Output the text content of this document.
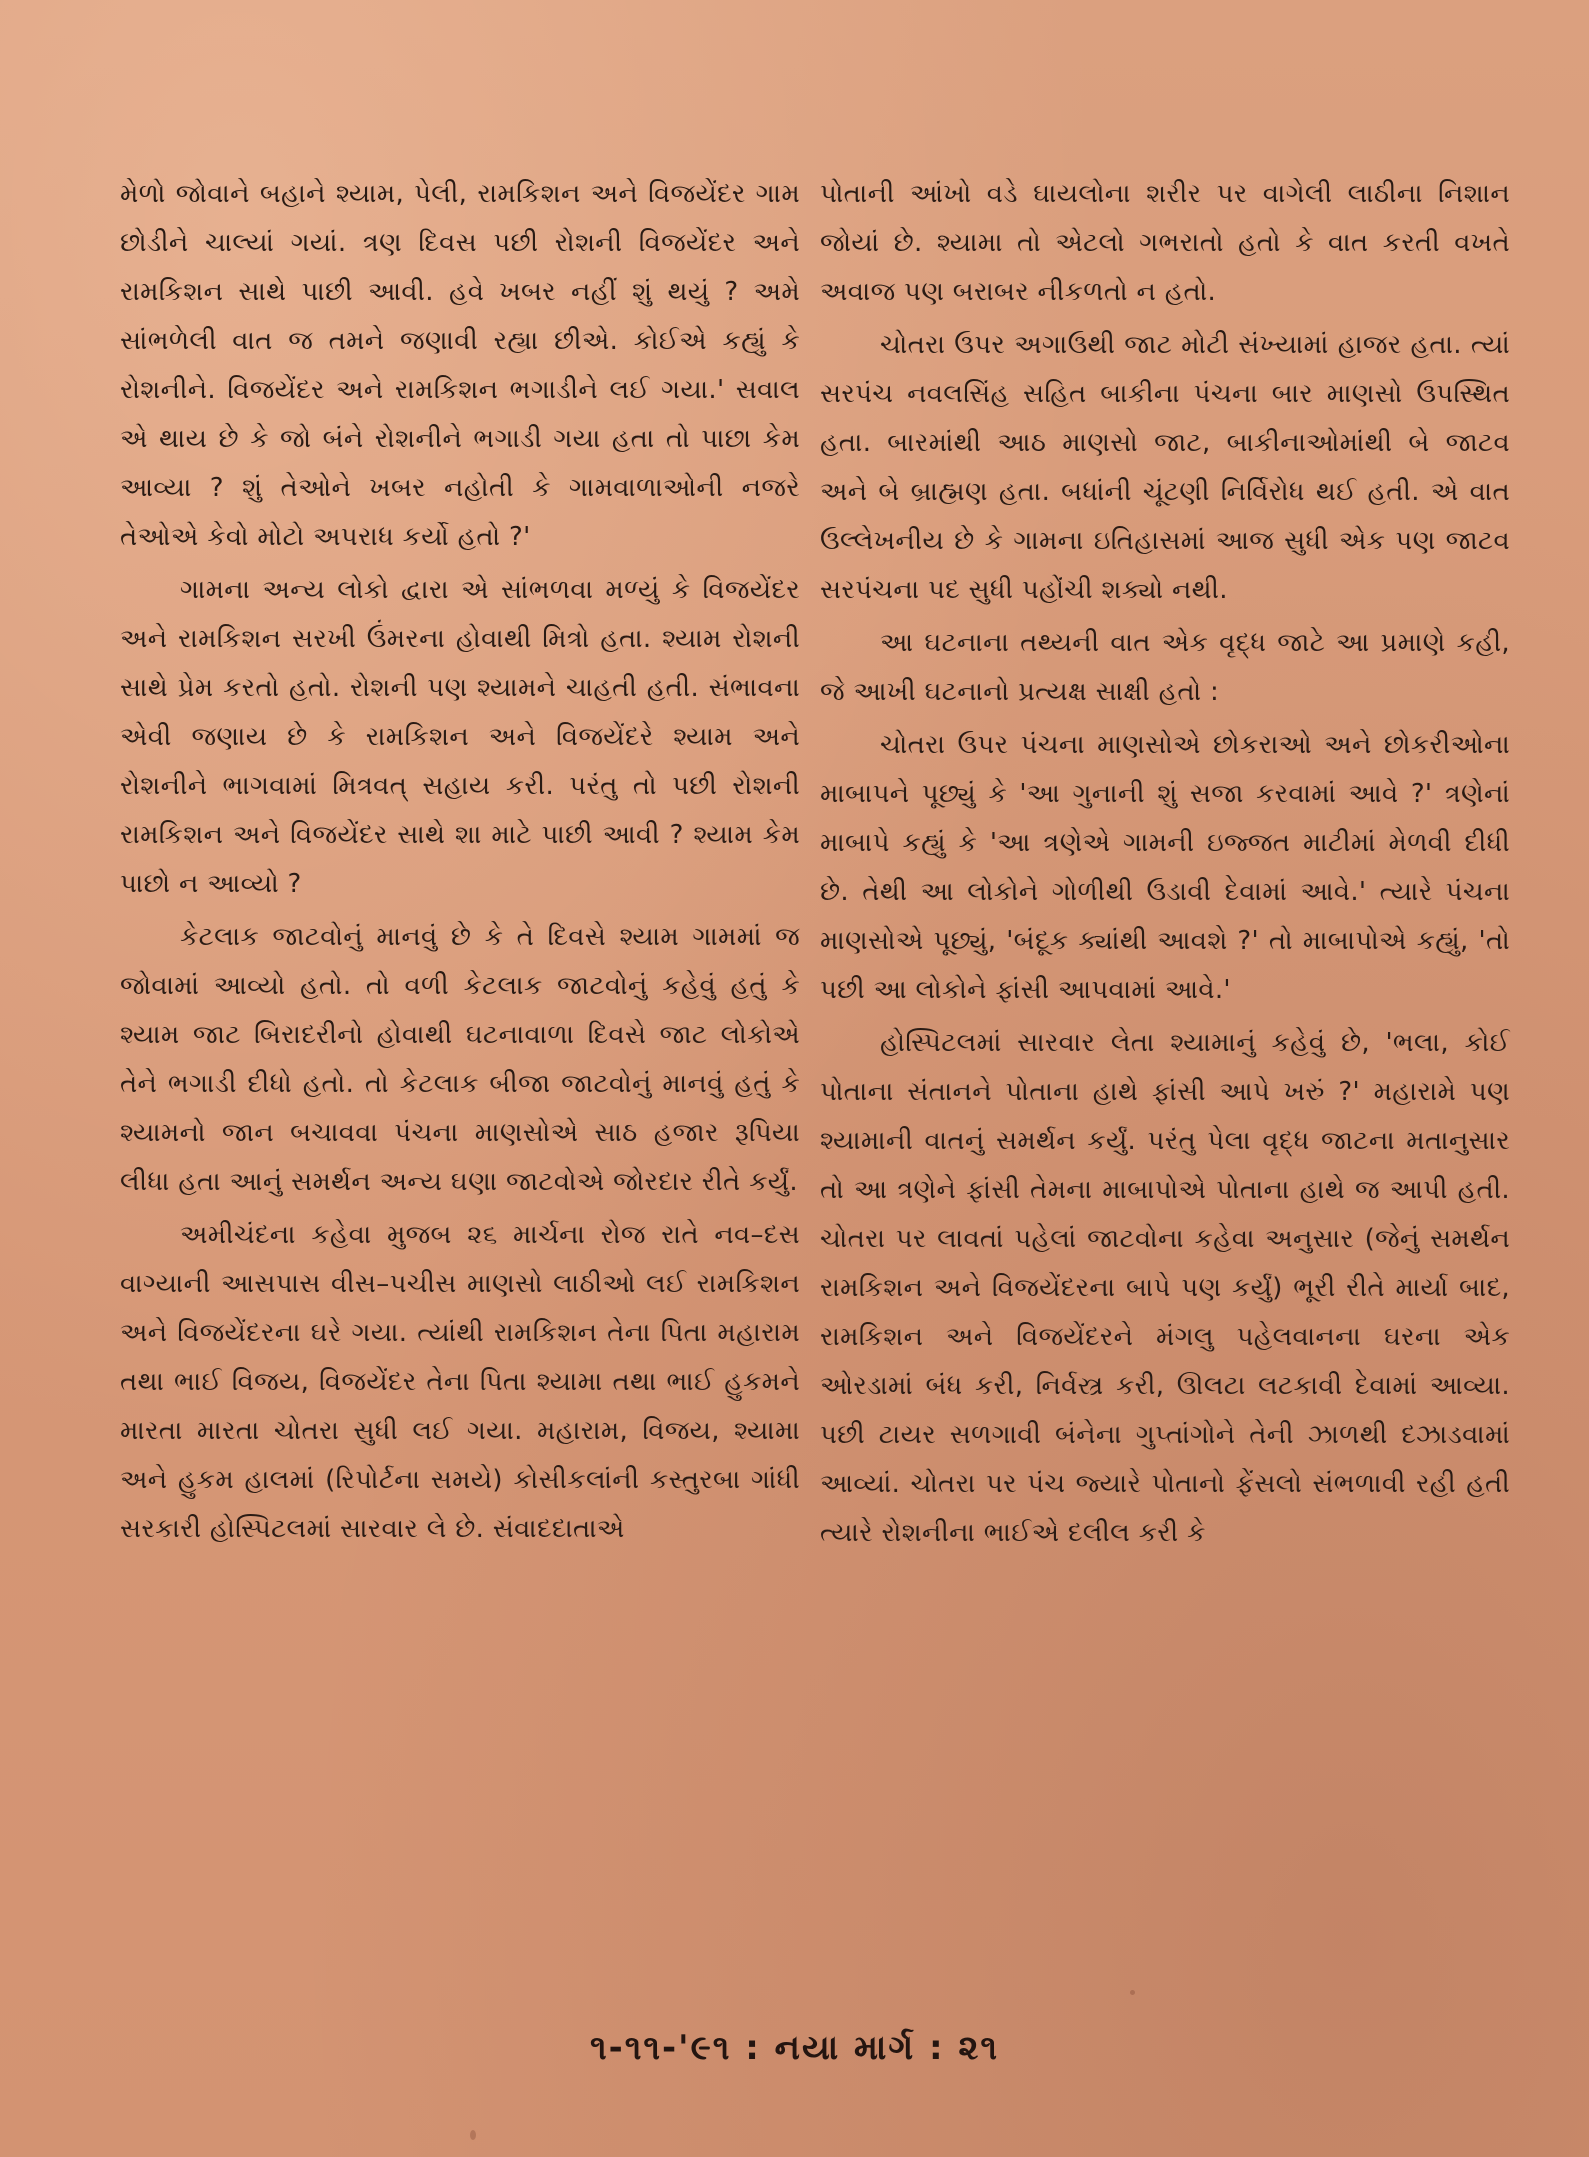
મેળો જોવાને બહાને શ્યામ, પેલી, રામકિશન અને વિજયેંદર ગામ છોડીને ચાલ્યાં ગયાં. ત્રણ દિવસ પછી રોશની વિજયેંદર અને રામકિશન સાથે પાછી આવી. હવે ખબર નહીં શું થયું ? અમે સાંભળેલી વાત જ તમને જણાવી રહ્યા છીએ. કોઈએ કહ્યું કે રોશનીને. વિજયેંદર અને રામકિશન ભગાડીને લઈ ગયા.' સવાલ એ થાય છે કે જો બંને રોશનીને ભગાડી ગયા હતા તો પાછા કેમ આવ્યા ? શું તેઓને ખબર નહોતી કે ગામવાળાઓની નજરે તેઓએ કેવો મોટો અપરાધ કર્યો હતો ?'

ગામના અન્ય લોકો દ્વારા એ સાંભળવા મળ્યું કે વિજયેંદર અને રામકિશન સરખી ઉંમરના હોવાથી મિત્રો હતા. શ્યામ રોશની સાથે પ્રેમ કરતો હતો. રોશની પણ શ્યામને ચાહતી હતી. સંભાવના એવી જણાય છે કે રામકિશન અને વિજયેંદરે શ્યામ અને રોશનીને ભાગવામાં મિત્રવત્ સહાય કરી. પરંતુ તો પછી રોશની રામકિશન અને વિજયેંદર સાથે શા માટે પાછી આવી ? શ્યામ કેમ પાછો ન આવ્યો ?

કેટલાક જાટવોનું માનવું છે કે તે દિવસે શ્યામ ગામમાં જ જોવામાં આવ્યો હતો. તો વળી કેટલાક જાટવોનું કહેવું હતું કે શ્યામ જાટ બિરાદરીનો હોવાથી ઘટનાવાળા દિવસે જાટ લોકોએ તેને ભગાડી દીધો હતો. તો કેટલાક બીજા જાટવોનું માનવું હતું કે શ્યામનો જાન બચાવવા પંચના માણસોએ સાઠ હજાર રૂપિયા લીધા હતા આનું સમર્થન અન્ય ઘણા જાટવોએ જોરદાર રીતે કર્યું.

અમીચંદના કહેવા મુજબ ૨૬ માર્ચના રોજ રાતે નવ–દસ વાગ્યાની આસપાસ વીસ–પચીસ માણસો લાઠીઓ લઈ રામકિશન અને વિજયેંદરના ઘરે ગયા. ત્યાંથી રામકિશન તેના પિતા મહારામ તથા ભાઈ વિજય, વિજયેંદર તેના પિતા શ્યામા તથા ભાઈ હુકમને મારતા મારતા ચોતરા સુધી લઈ ગયા. મહારામ, વિજય, શ્યામા અને હુકમ હાલમાં (રિપોર્ટના સમયે) કોસીકલાંની કસ્તુરબા ગાંધી સરકારી હોસ્પિટલમાં સારવાર લે છે. સંવાદદાતાએ

પોતાની આંખો વડે ઘાયલોના શરીર પર વાગેલી લાઠીના નિશાન જોયાં છે. શ્યામા તો એટલો ગભરાતો હતો કે વાત કરતી વખતે અવાજ પણ બરાબર નીકળતો ન હતો.

ચોતરા ઉપર અગાઉથી જાટ મોટી સંખ્યામાં હાજર હતા. ત્યાં સરપંચ નવલસિંહ સહિત બાકીના પંચના બાર માણસો ઉપસ્થિત હતા. બારમાંથી આઠ માણસો જાટ, બાકીનાઓમાંથી બે જાટવ અને બે બ્રાહ્મણ હતા. બધાંની ચૂંટણી નિર્વિરોધ થઈ હતી. એ વાત ઉલ્લેખનીય છે કે ગામના ઇતિહાસમાં આજ સુધી એક પણ જાટવ સરપંચના પદ સુધી પહોંચી શક્યો નથી.

આ ઘટનાના તથ્યની વાત એક વૃદ્ધ જાટે આ પ્રમાણે કહી, જે આખી ઘટનાનો પ્રત્યક્ષ સાક્ષી હતો :

ચોતરા ઉપર પંચના માણસોએ છોકરાઓ અને છોકરીઓના માબાપને પૂછ્યું કે 'આ ગુનાની શું સજા કરવામાં આવે ?' ત્રણેનાં માબાપે કહ્યું કે 'આ ત્રણેએ ગામની ઇજ્જત માટીમાં મેળવી દીધી છે. તેથી આ લોકોને ગોળીથી ઉડાવી દેવામાં આવે.' ત્યારે પંચના માણસોએ પૂછ્યું, 'બંદૂક ક્યાંથી આવશે ?' તો માબાપોએ કહ્યું, 'તો પછી આ લોકોને ફાંસી આપવામાં આવે.'

હોસ્પિટલમાં સારવાર લેતા શ્યામાનું કહેવું છે, 'ભલા, કોઈ પોતાના સંતાનને પોતાના હાથે ફાંસી આપે ખરું ?' મહારામે પણ શ્યામાની વાતનું સમર્થન કર્યું. પરંતુ પેલા વૃદ્ધ જાટના મતાનુસાર તો આ ત્રણેને ફાંસી તેમના માબાપોએ પોતાના હાથે જ આપી હતી. ચોતરા પર લાવતાં પહેલાં જાટવોના કહેવા અનુસાર (જેનું સમર્થન રામકિશન અને વિજયેંદરના બાપે પણ કર્યું) ભૂરી રીતે માર્યા બાદ, રામકિશન અને વિજયેંદરને મંગલુ પહેલવાનના ઘરના એક ઓરડામાં બંધ કરી, નિર્વસ્ત્ર કરી, ઊલટા લટકાવી દેવામાં આવ્યા. પછી ટાયર સળગાવી બંનેના ગુપ્તાંગોને તેની ઝાળથી દઝાડવામાં આવ્યાં. ચોતરા પર પંચ જ્યારે પોતાનો ફેંસલો સંભળાવી રહી હતી ત્યારે રોશનીના ભાઈએ દલીલ કરી કે

૧-૧૧-'૯૧ : નયા માર્ગ : ૨૧
